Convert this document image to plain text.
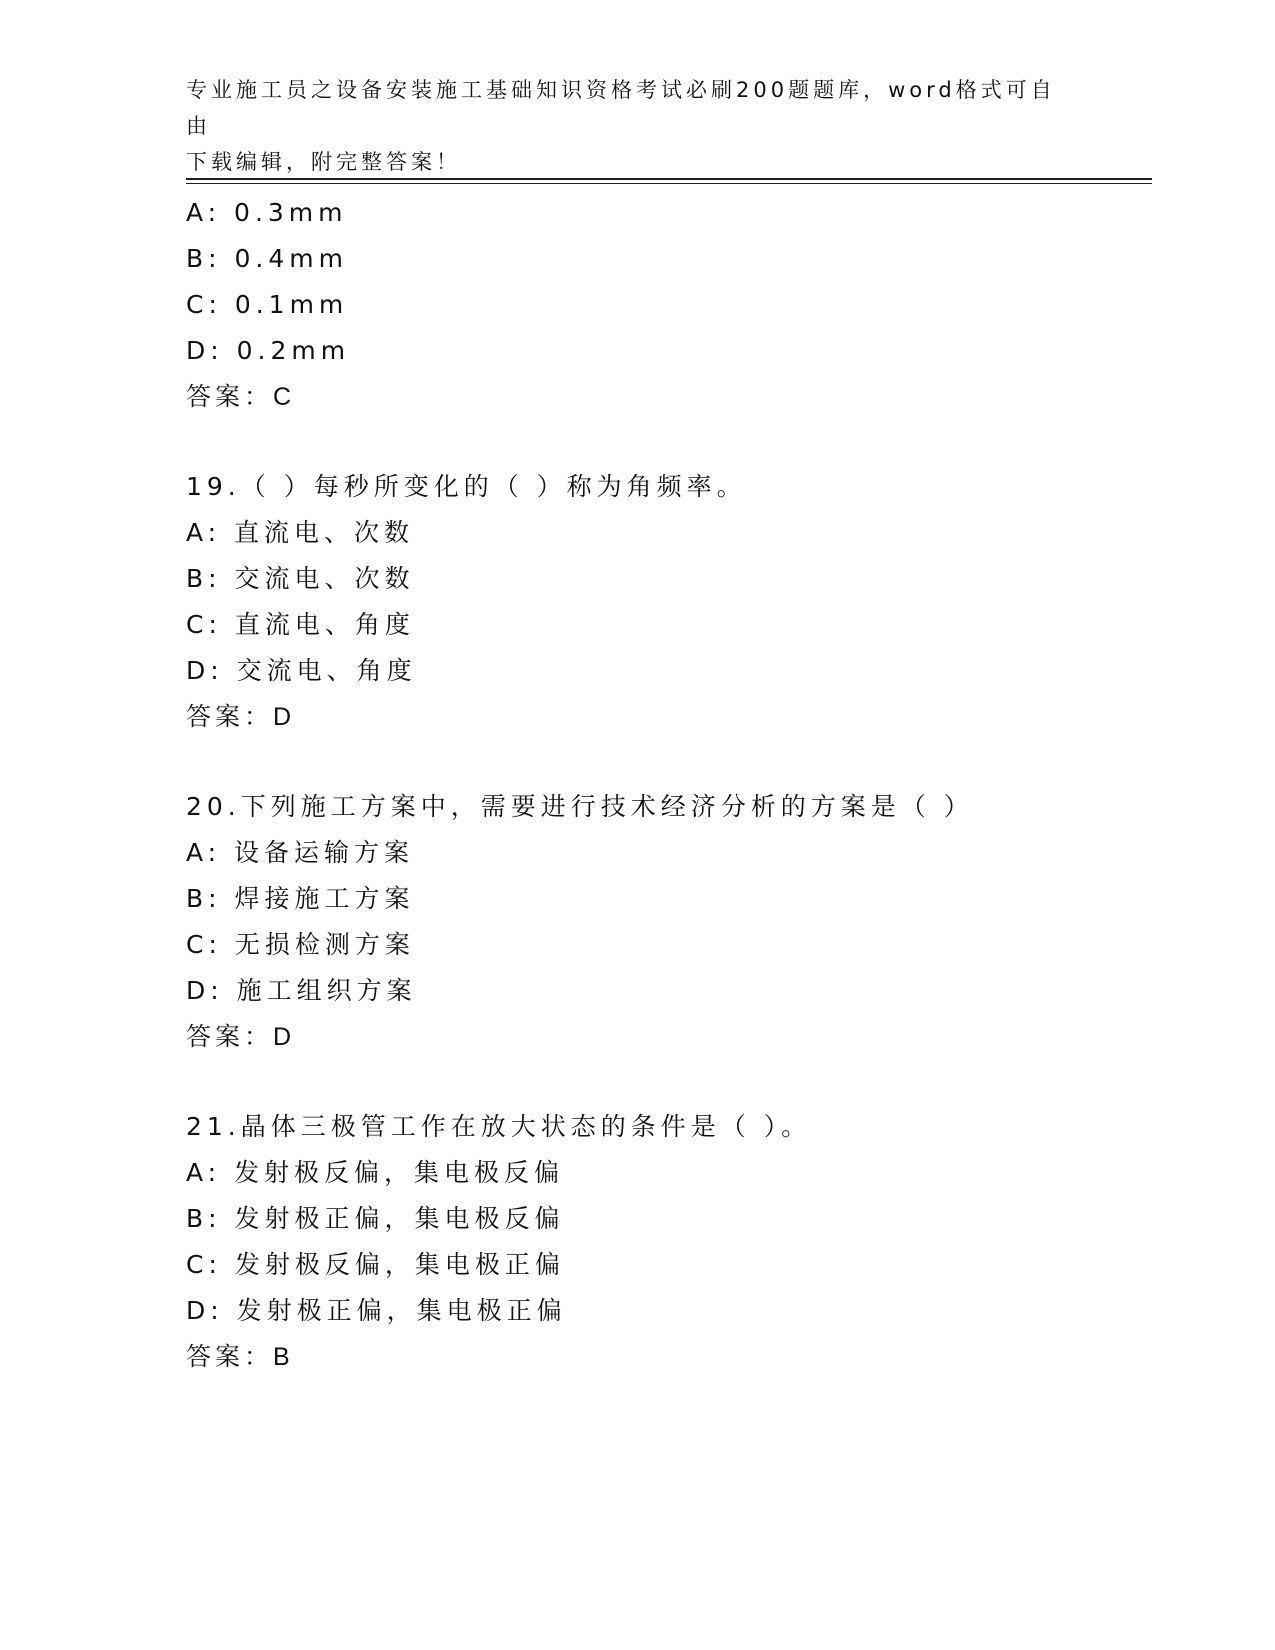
专业施工员之设备安装施工基础知识资格考试必刷200题题库，word格式可自由
下载编辑，附完整答案！
A: 0.3mm
B: 0.4mm
C: 0.1mm
D: 0.2mm
答案：C
19.（ ）每秒所变化的（ ）称为角频率。
A: 直流电、次数
B: 交流电、次数
C: 直流电、角度
D: 交流电、角度
答案：D
20.下列施工方案中，需要进行技术经济分析的方案是（ ）
A: 设备运输方案
B: 焊接施工方案
C: 无损检测方案
D: 施工组织方案
答案：D
21.晶体三极管工作在放大状态的条件是（ ）。
A: 发射极反偏，集电极反偏
B: 发射极正偏，集电极反偏
C: 发射极反偏，集电极正偏
D: 发射极正偏，集电极正偏
答案：B
